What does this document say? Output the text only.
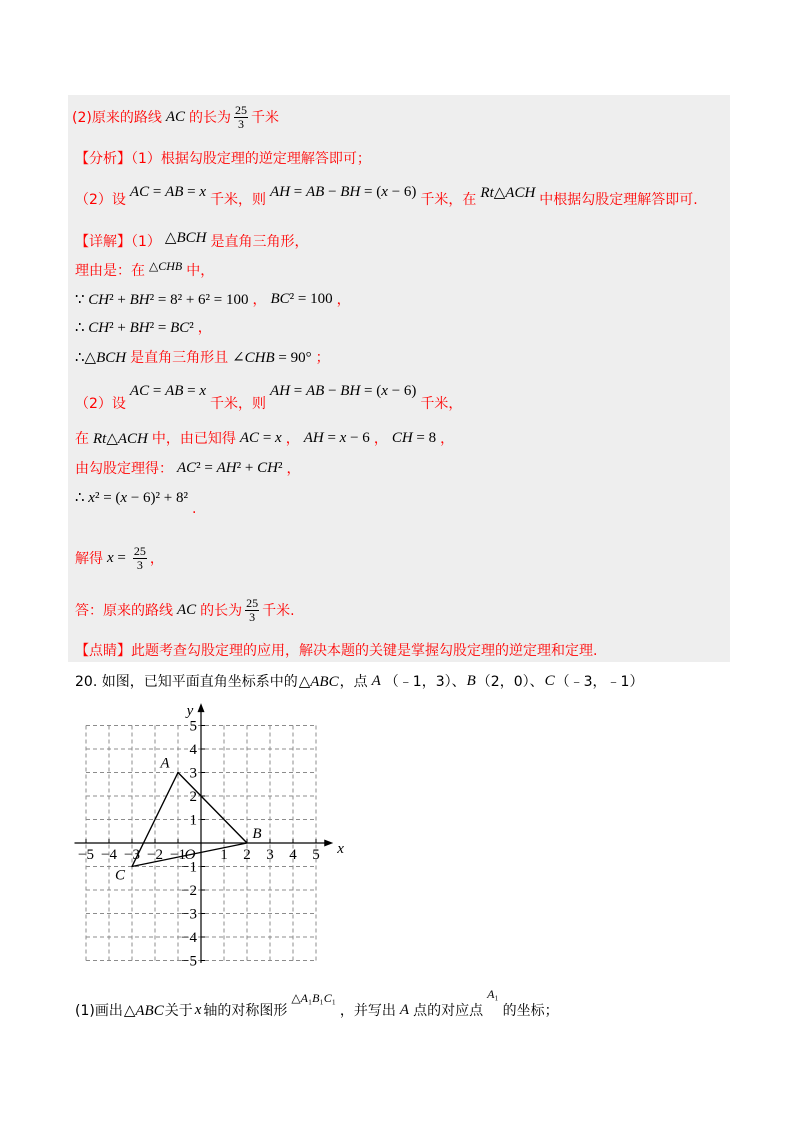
(2)原来的路线 AC 的长为 $\frac{25}{3}$ 千米
【分析】（1）根据勾股定理的逆定理解答即可；
（2）设
AC = AB = x
千米，则
AH = AB − BH = (x − 6)
千米，在 Rt△ACH 中根据勾股定理解答即可.
【详解】（1） △BCH 是直角三角形，
理由是：在 △CHB 中，
∵ CH² + BH² = 8² + 6² = 100 ， BC² = 100 ，
∴ CH² + BH² = BC² ，
∴△BCH 是直角三角形且 ∠CHB = 90° ；
（2）设
AC = AB = x
千米，则
AH = AB − BH = (x − 6)
千米，
在 Rt△ACH 中，由已知得 AC = x ， AH = x − 6 ， CH = 8 ，
由勾股定理得： AC² = AH² + CH² ，
∴ x² = (x − 6)² + 8²
.
解得 $x = \frac{25}{3}$ ，
答：原来的路线 AC 的长为 $\frac{25}{3}$ 千米.
【点睛】此题考查勾股定理的应用，解决本题的关键是掌握勾股定理的逆定理和定理.
20. 如图，已知平面直角坐标系中的 △ABC ，点 A （﹣1，3）、 B （2，0）、 C （﹣3，﹣1）
−5 −4 −3 −2 −1 1 2 3 4 5
5
4
3
2
1
−1
−2
−3
−4
−5
O	x
y
A
B
C
(1)画出 △ABC 关于 x 轴的对称图形
△A₁B₁C₁
，并写出 A 点的对应点
A₁
的坐标；
